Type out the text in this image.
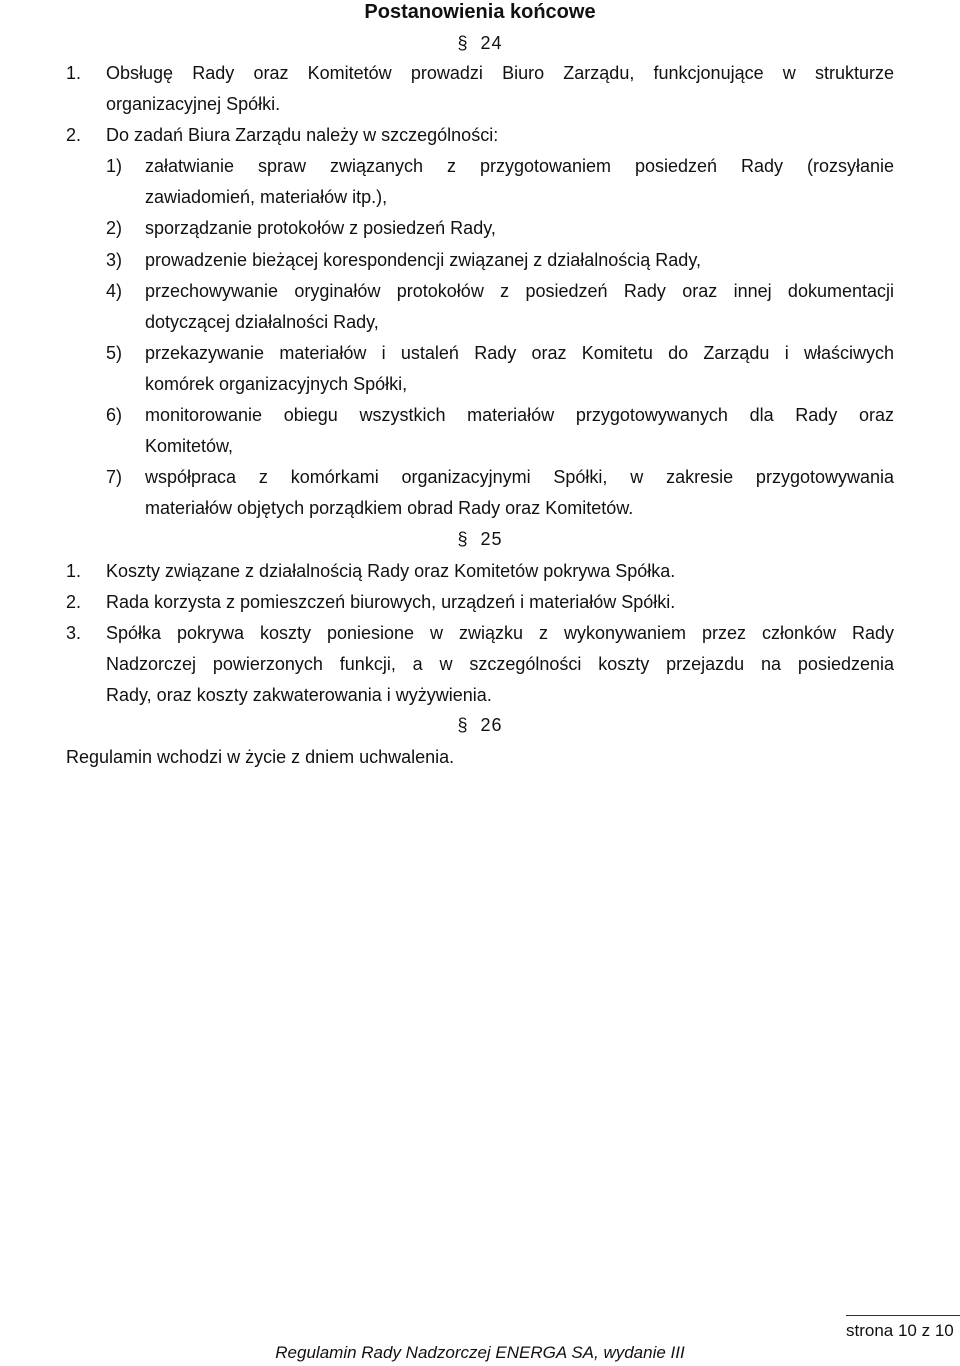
Postanowienia końcowe
§ 24
1. Obsługę Rady oraz Komitetów prowadzi Biuro Zarządu, funkcjonujące w strukturze
organizacyjnej Spółki.
2. Do zadań Biura Zarządu należy w szczególności:
1) załatwianie spraw związanych z przygotowaniem posiedzeń Rady (rozsyłanie
zawiadomień, materiałów itp.),
2) sporządzanie protokołów z posiedzeń Rady,
3) prowadzenie bieżącej korespondencji związanej z działalnością Rady,
4) przechowywanie oryginałów protokołów z posiedzeń Rady oraz innej dokumentacji
dotyczącej działalności Rady,
5) przekazywanie materiałów i ustaleń Rady oraz Komitetu do Zarządu i właściwych
komórek organizacyjnych Spółki,
6) monitorowanie obiegu wszystkich materiałów przygotowywanych dla Rady oraz
Komitetów,
7) współpraca z komórkami organizacyjnymi Spółki, w zakresie przygotowywania
materiałów objętych porządkiem obrad Rady oraz Komitetów.
§ 25
1. Koszty związane z działalnością Rady oraz Komitetów pokrywa Spółka.
2. Rada korzysta z pomieszczeń biurowych, urządzeń i materiałów Spółki.
3. Spółka pokrywa koszty poniesione w związku z wykonywaniem przez członków Rady
Nadzorczej powierzonych funkcji, a w szczególności koszty przejazdu na posiedzenia
Rady, oraz koszty zakwaterowania i wyżywienia.
§ 26
Regulamin wchodzi w życie z dniem uchwalenia.
strona 10 z 10
Regulamin Rady Nadzorczej ENERGA SA, wydanie III
